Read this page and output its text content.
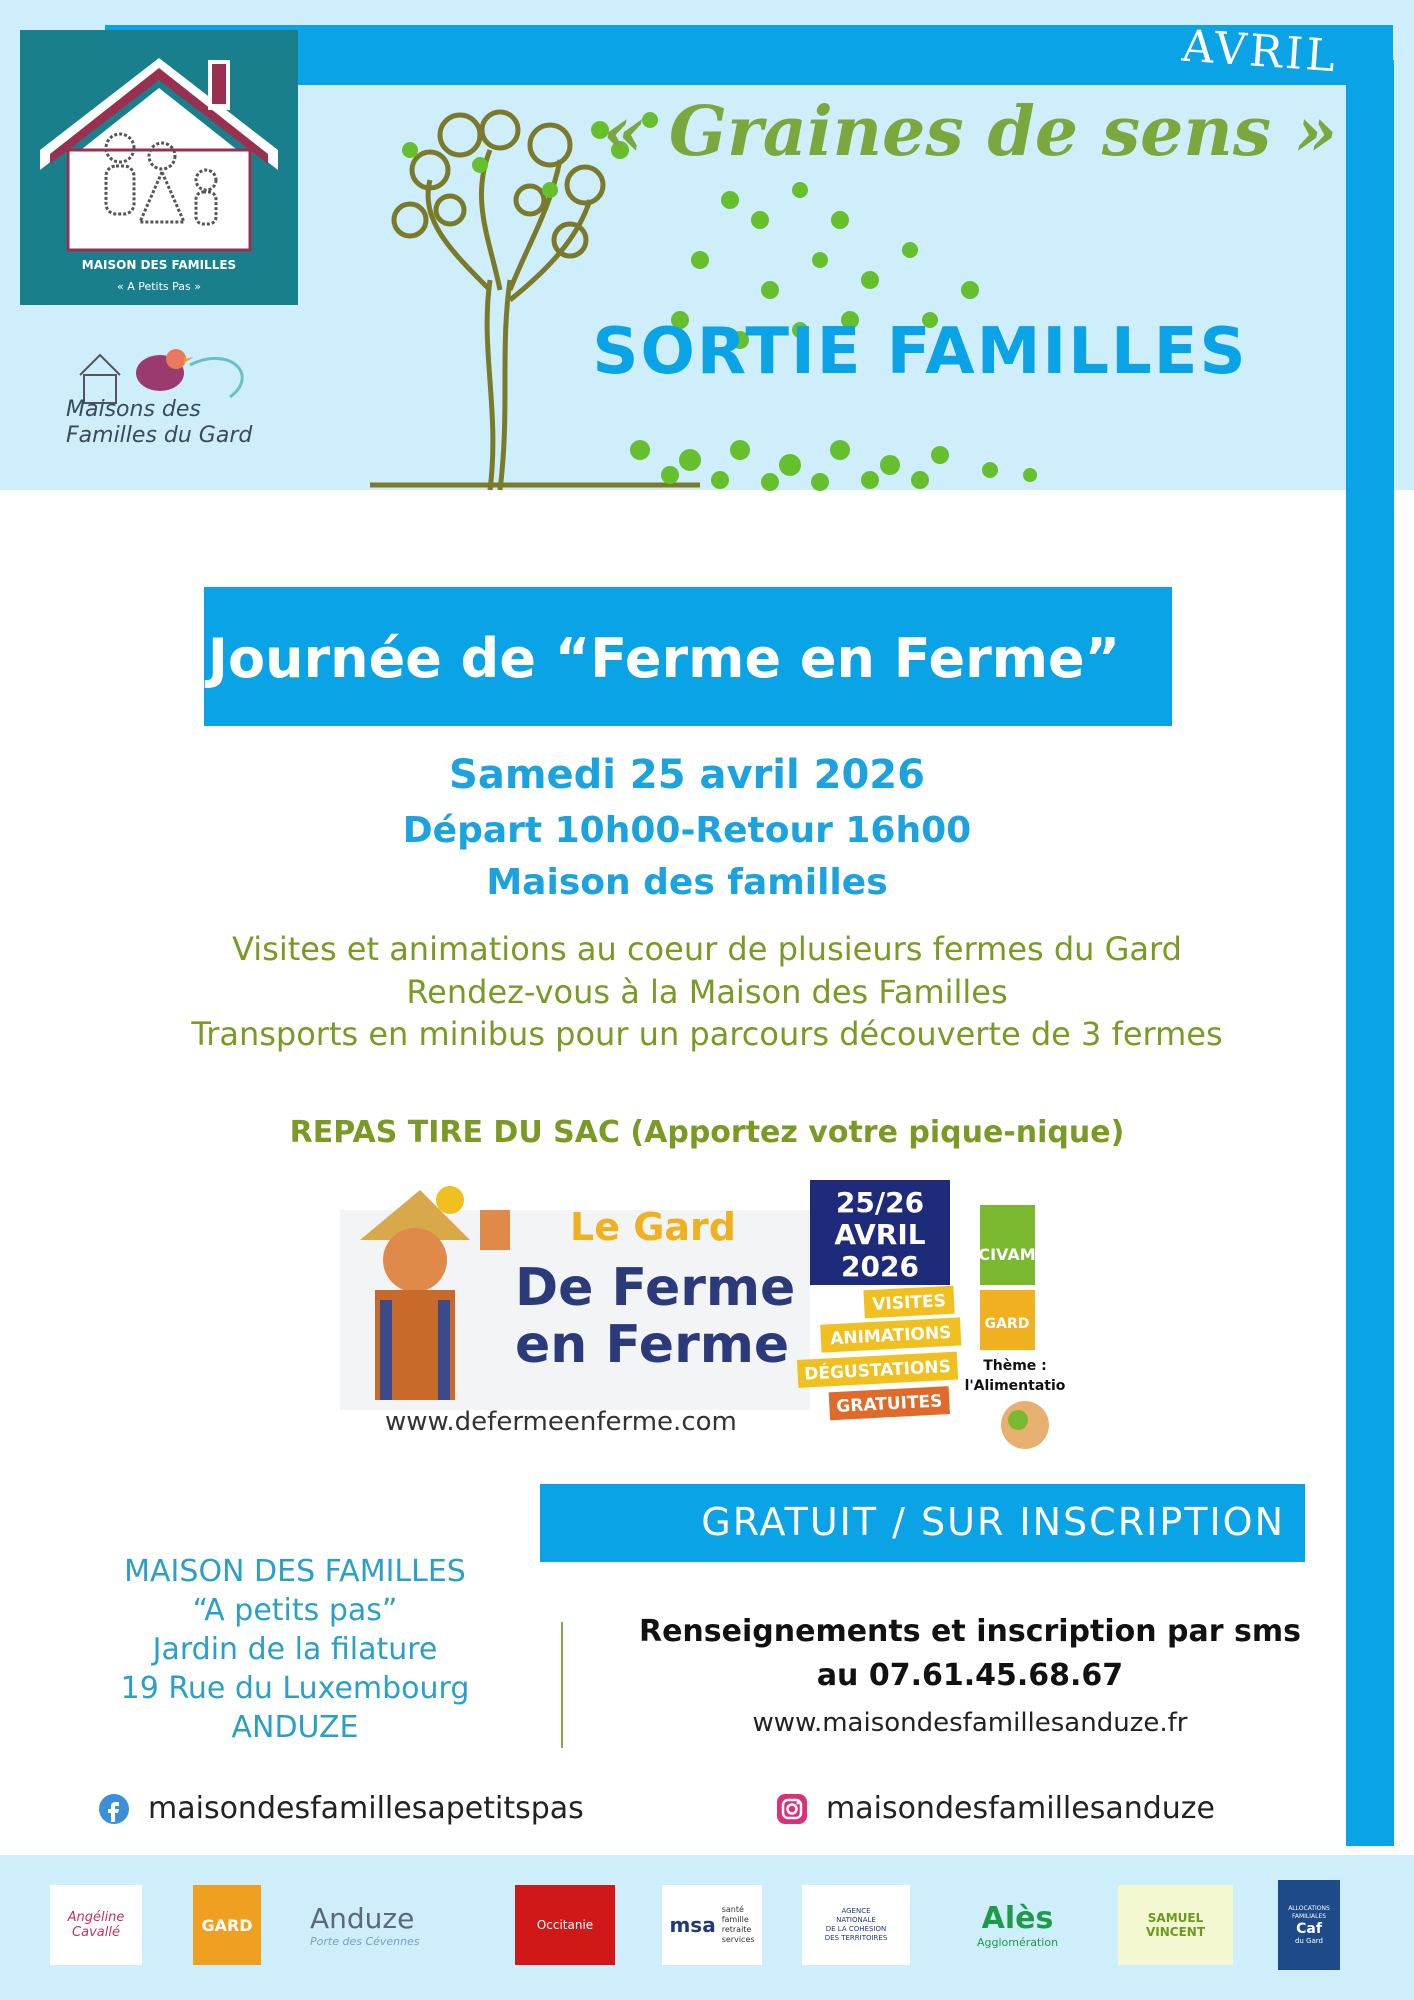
AVRIL
MAISON DES FAMILLES
« A Petits Pas »
Maisons des
Familles du Gard
« Graines de sens »
SORTIE FAMILLES
Journée de “Ferme en Ferme”
Samedi 25 avril 2026
Départ 10h00-Retour 16h00
Maison des familles
Visites et animations au coeur de plusieurs fermes du Gard
Rendez-vous à la Maison des Familles
Transports en minibus pour un parcours découverte de 3 fermes
REPAS TIRE DU SAC (Apportez votre pique-nique)
Le Gard
De Ferme
en Ferme
www.defermeenferme.com
25/26
AVRIL
2026
VISITES
ANIMATIONS
DÉGUSTATIONS
GRATUITES
CIVAM
GARD
Thème :
l'Alimentatio
GRATUIT / SUR INSCRIPTION
MAISON DES FAMILLES
“A petits pas”
Jardin de la filature
19 Rue du Luxembourg
ANDUZE
Renseignements et inscription par sms
au 07.61.45.68.67
www.maisondesfamillesanduze.fr
maisondesfamillesapetitspas	maisondesfamillesanduze
Angéline Cavallé	GARD Anduze
Porte des Cévennes
Occitanie	msa
santé
famille
retraite
services
AGENCE
NATIONALE
DE LA COHÉSION
DES TERRITOIRES
Alès
Agglomération
SAMUEL VINCENT
ALLOCATIONS FAMILIALES
Caf
du Gard
